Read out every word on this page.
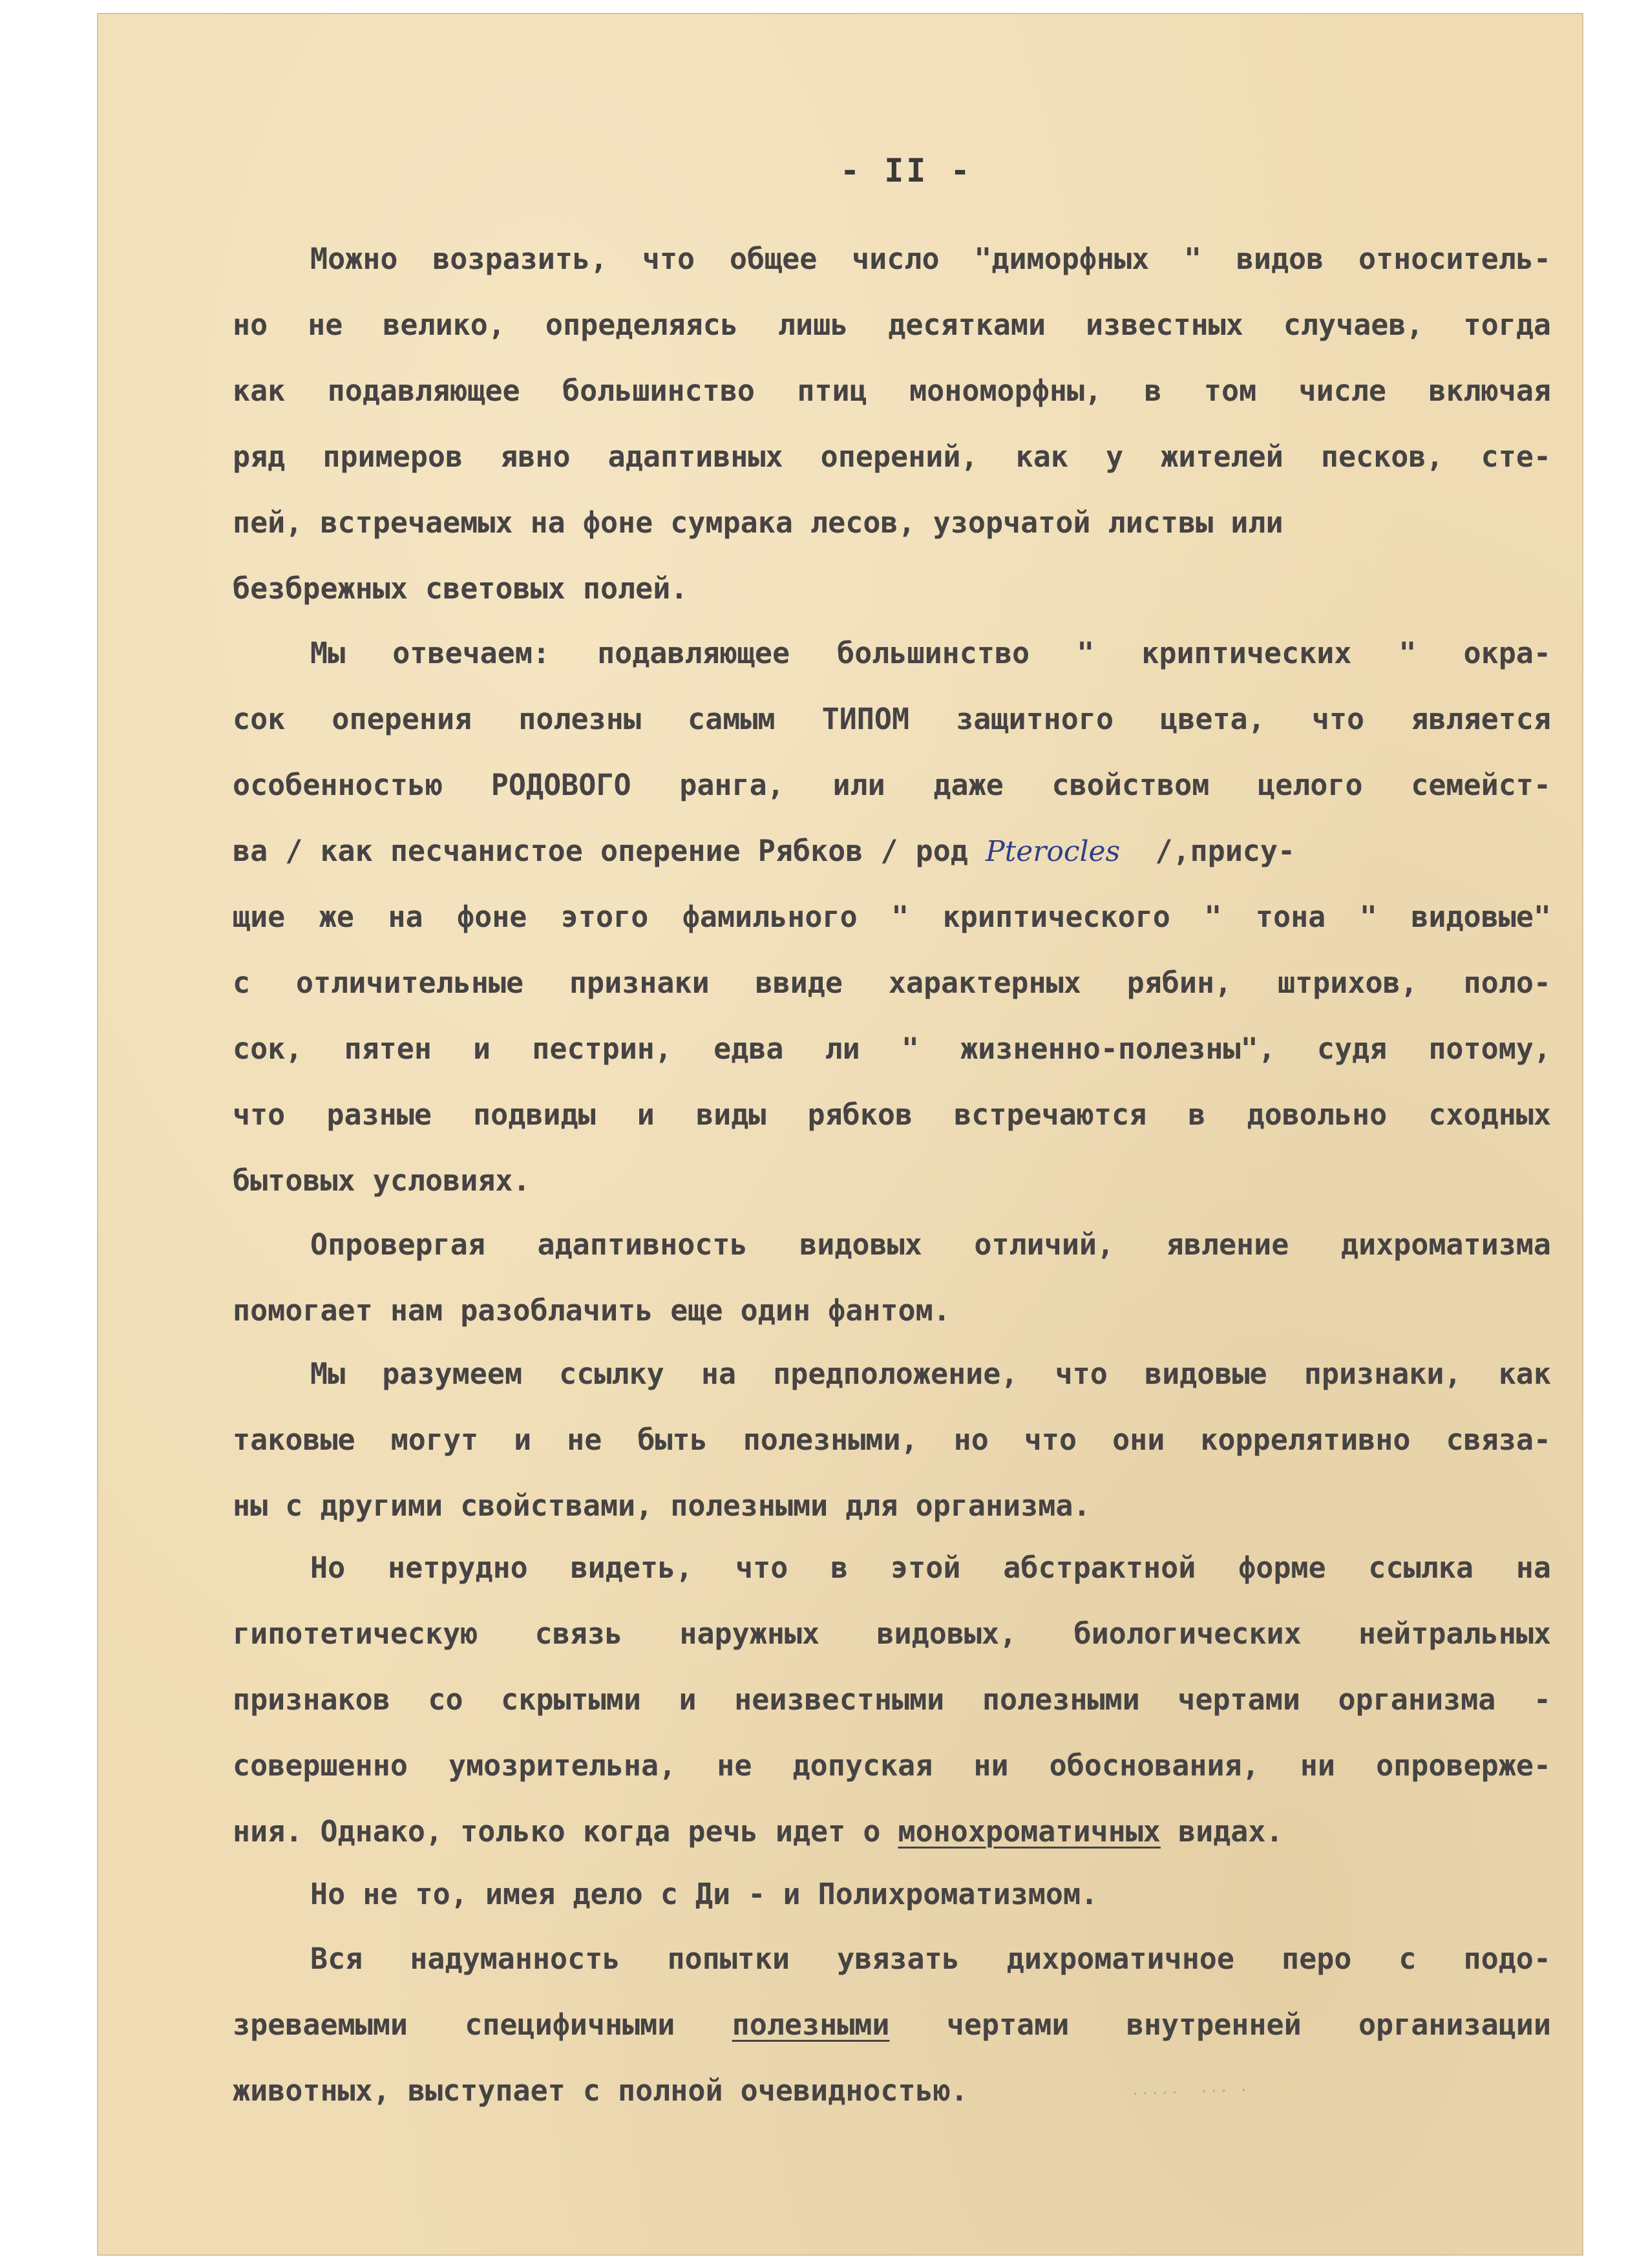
- II -
Можно возразить, что общее число "диморфных " видов относитель-
но не велико, определяясь лишь десятками известных случаев, тогда
как подавляющее большинство птиц мономорфны, в том числе включая
ряд примеров явно адаптивных оперений, как у жителей песков, сте-
пей, встречаемых на фоне сумрака лесов, узорчатой листвы или
безбрежных световых полей.
Мы отвечаем: подавляющее большинство " криптических " окра-
сок оперения полезны самым ТИПОМ защитного цвета, что является
особенностью РОДОВОГО ранга, или даже свойством целого семейст-
ва / как песчанистое оперение Рябков / род Pterocles  /,прису-
щие же на фоне этого фамильного " криптического " тона " видовые"
с отличительные признаки ввиде характерных рябин, штрихов, поло-
сок, пятен и пестрин, едва ли " жизненно-полезны", судя потому,
что разные подвиды и виды рябков встречаются в довольно сходных
бытовых условиях.
Опровергая адаптивность видовых отличий, явление дихроматизма
помогает нам разоблачить еще один фантом.
Мы разумеем ссылку на предположение, что видовые признаки, как
таковые могут и не быть полезными, но что они коррелятивно связа-
ны с другими свойствами, полезными для организма.
Но нетрудно видеть, что в этой абстрактной форме ссылка на
гипотетическую связь наружных видовых, биологических нейтральных
признаков со скрытыми и неизвестными полезными чертами организма -
совершенно умозрительна, не допуская ни обоснования, ни опроверже-
ния. Однако, только когда речь идет о монохроматичных видах.
Но не то, имея дело с Ди - и Полихроматизмом.
Вся надуманность попытки увязать дихроматичное перо с подо-
зреваемыми специфичными полезными чертами внутренней организации
животных, выступает с полной очевидностью.	·····  ··· ·
